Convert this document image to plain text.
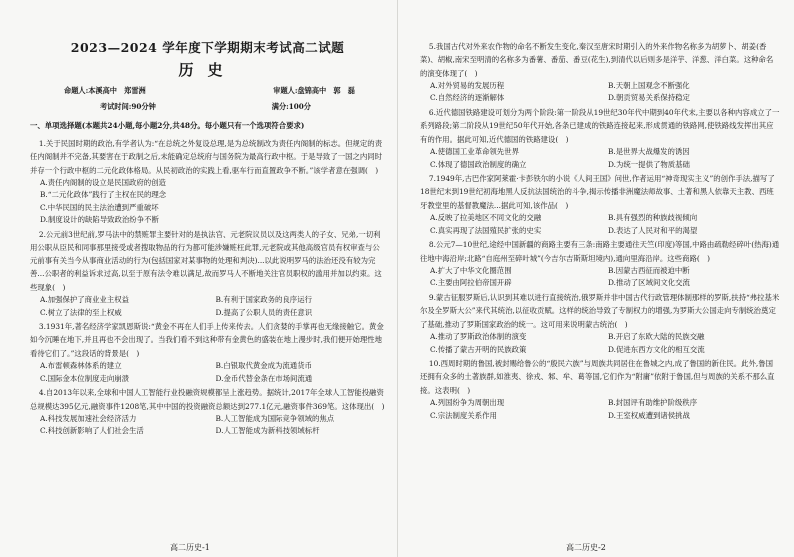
2023—2024 学年度下学期期末考试高二试题
历史
命题人:本溪高中　郑雷洲	审题人:盘锦高中　郭　磊
考试时间:90分钟	满分:100分
一、单项选择题(本题共24小题,每小题2分,共48分。每小题只有一个选项符合要求)

1.关于民国时期的政治,有学者认为:“在总统之外复设总理,是为总统制改为责任内阁制的标志。但规定的责任内阁制并不完备,其要害在于政制之后,未能确定总统府与国务院为最高行政中枢。于是导致了一国之内同时并存一个行政中枢的二元化政体格局。从民初政治的实践上看,驱车行而直置政争不断。”该学者意在强调(　)

A.责任内阁制的设立是民国政府的创造
B.“二元化政体”践行了主权在民的理念
C.中华民国的民主法治遭到严重破坏
D.制度设计的缺陷导致政治纷争不断

2.公元前3世纪前,罗马法中的禁赃罪主要针对的是执法官、元老院议员以及这两类人的子女、兄弟,一切利用公职从臣民和同事那里接受或者搜取物品的行为都可能涉嫌赃枉此罪,元老院或其他高级官员有权审查与公元前事有关当今从事商业活动的行为(包括国家对某事物的处理和判决)...以此说明罗马的法治还没有较为完善...公职者的利益诉求过高,以至于原有法令难以满足,故而罗马人不断地关注官员职权的滥用并加以约束。这些现象(　)

A.加强保护了商业业主权益	B.有利于国家政务的良序运行
C.树立了法律的至上权威	D.提高了公职人员的责任意识

3.1931年,著名经济学家凯恩斯说:“黄金不再在人们手上传来传去。人们贪婪的手掌再也无缘接触它。黄金如今沉睡在地下,并且再也不会出现了。当我们看不到这种带有金黄色的盛装在地上漫步时,我们便开始理性地看待它们了。”这段话的背景是(　)

A.布雷顿森林体系的建立	B.白银取代黄金成为流通货币
C.国际金本位制度走向崩溃	D.金币代替金条在市场间流通

4.自2013年以来,全球和中国人工智能行业投融资规模都呈上涨趋势。据统计,2017年全球人工智能投融资总规模达395亿元,融资事件1208笔,其中中国的投资融资总额达到277.1亿元,融资事件369笔。这体现出(　)

A.科技发展加速社会经济活力	B.人工智能成为国际竞争领域的焦点
C.科技创新影响了人们社会生活	D.人工智能成为新科技领域标杆
高二历史-1

5.我国古代对外来农作物的命名不断发生变化,秦汉至唐宋时期引入的外来作物名称多为胡萝卜、胡姜(香菜)、胡椒,南宋至明清的名称多为番薯、番茄、番豆(花生),到清代以后则多是洋芋、洋葱、洋白菜。这种命名的演变体现了(　)

A.对外贸易的发展历程	B.天朝上国观念不断强化
C.自然经济的逐渐解体	D.朝贡贸易关系保持稳定

6.近代德国铁路建设可划分为两个阶段:第一阶段从19世纪30年代中期到40年代末,主要以各种内容成立了一系列路段;第二阶段从19世纪50年代开始,各条已建成的铁路连接起来,形成贯通的铁路网,使铁路线发挥出其应有的作用。据此可知,近代德国的铁路建设(　)

A.使德国工业革命领先世界	B.是世界大战爆发的诱因
C.体现了德国政治制度的确立	D.为统一提供了物质基础

7.1949年,古巴作家阿莱霍·卡彭铁尔的小说《人间王国》问世,作者运用“神奇现实主义”的创作手法,描写了18世纪末到19世纪初海地黑人反抗法国统治的斗争,揭示传播非洲魔法师故事、土著和黑人依靠天主教、西班牙教堂里的基督教魔法...据此可知,该作品(　)

A.反映了拉美地区不同文化的交融	B.具有强烈的种族歧视倾向
C.真实再现了法国殖民扩张的史实	D.表达了人民对和平的渴望

8.公元7—10世纪,途经中国新疆的商路主要有三条:南路主要通往天竺(印度)等国,中路由疏勒经碎叶(热海)通往地中海沿岸;北路“自庭州至碎叶城”(今吉尔吉斯斯坦境内),通向里海沿岸。这些商路(　)

A.扩大了中华文化圈范围	B.因蒙古西征而被迫中断
C.主要由阿拉伯帝国开辟	D.推动了区域间文化交流

9.蒙古征服罗斯后,认识到其难以进行直接统治,俄罗斯并非中国古代行政管理体制那样的罗斯,扶持“弗拉基米尔及全罗斯大公”来代其统治,以征收贡赋。这样的统治导致了专制权力的增强,为罗斯大公国走向专制统治奠定了基础,推动了罗斯国家政治的统一。这可用来说明蒙古统治(　)

A.推动了罗斯政治体制的演变	B.开启了东欧大陆的民族交融
C.传播了蒙古开明的民族政策	D.促进东西方文化的相互交流

10.西周时期的鲁国,被封赐给鲁公的“殷民六族”与周族共同居住在鲁城之内,成了鲁国的新住民。此外,鲁国还拥有众多的土著族群,如淮夷、徐戎、邾、牟、葛等国,它们作为“附庸”依附于鲁国,但与周族的关系不那么直接。这表明(　)

A.列国纷争为周朝出现	B.封国评有助维护阶级秩序
C.宗法制度关系作用	D.王室权威遭到诸侯挑战
高二历史-2
